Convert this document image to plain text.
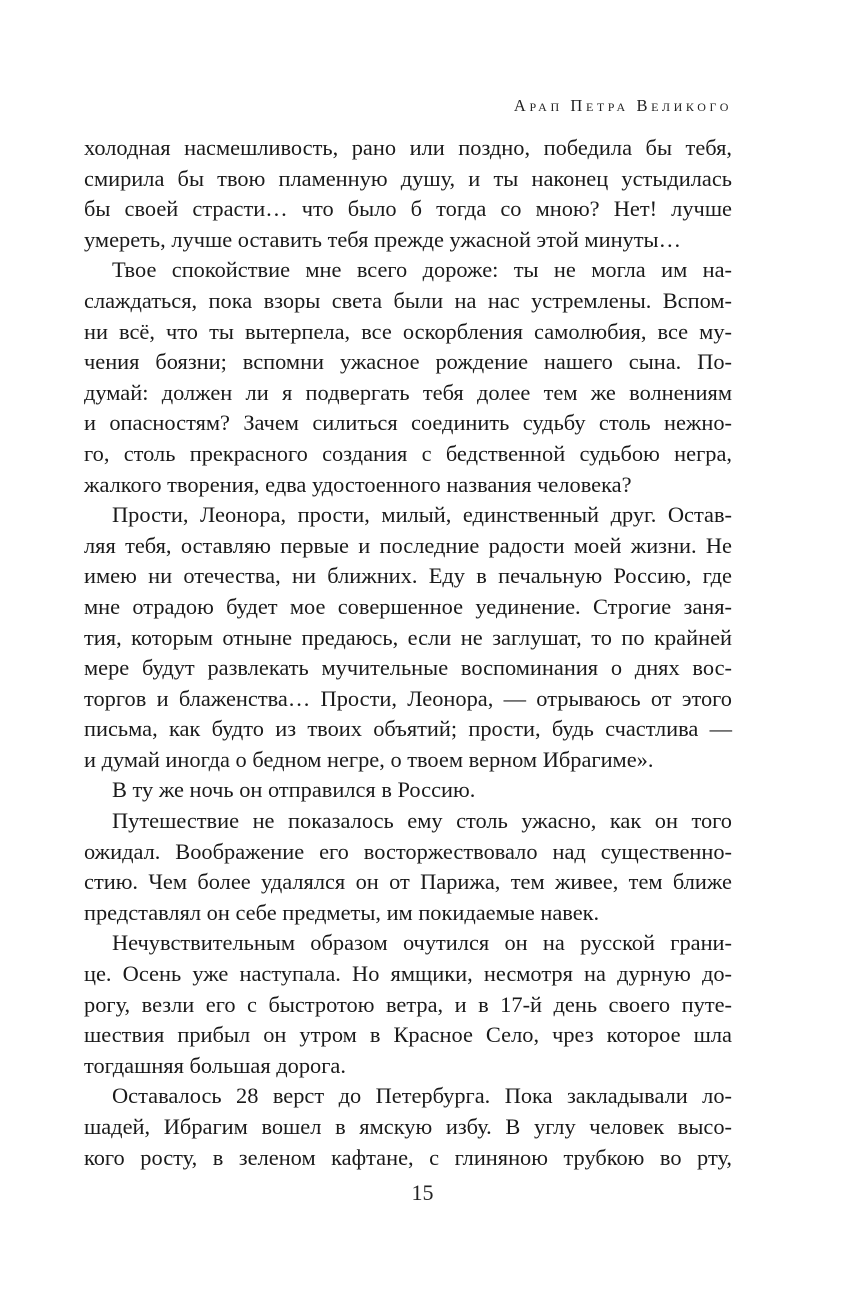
Арап Петра Великого
холодная насмешливость, рано или поздно, победила бы тебя,
смирила бы твою пламенную душу, и ты наконец устыдилась
бы своей страсти… что было б тогда со мною? Нет! лучше
умереть, лучше оставить тебя прежде ужасной этой минуты…
Твое спокойствие мне всего дороже: ты не могла им на-
слаждаться, пока взоры света были на нас устремлены. Вспом-
ни всё, что ты вытерпела, все оскорбления самолюбия, все му-
чения боязни; вспомни ужасное рождение нашего сына. По-
думай: должен ли я подвергать тебя долее тем же волнениям
и опасностям? Зачем силиться соединить судьбу столь нежно-
го, столь прекрасного создания с бедственной судьбою негра,
жалкого творения, едва удостоенного названия человека?
Прости, Леонора, прости, милый, единственный друг. Остав-
ляя тебя, оставляю первые и последние радости моей жизни. Не
имею ни отечества, ни ближних. Еду в печальную Россию, где
мне отрадою будет мое совершенное уединение. Строгие заня-
тия, которым отныне предаюсь, если не заглушат, то по крайней
мере будут развлекать мучительные воспоминания о днях вос-
торгов и блаженства… Прости, Леонора, — отрываюсь от этого
письма, как будто из твоих объятий; прости, будь счастлива —
и думай иногда о бедном негре, о твоем верном Ибрагиме».
В ту же ночь он отправился в Россию.
Путешествие не показалось ему столь ужасно, как он того
ожидал. Воображение его восторжествовало над существенно-
стию. Чем более удалялся он от Парижа, тем живее, тем ближе
представлял он себе предметы, им покидаемые навек.
Нечувствительным образом очутился он на русской грани-
це. Осень уже наступала. Но ямщики, несмотря на дурную до-
рогу, везли его с быстротою ветра, и в 17-й день своего путе-
шествия прибыл он утром в Красное Село, чрез которое шла
тогдашняя большая дорога.
Оставалось 28 верст до Петербурга. Пока закладывали ло-
шадей, Ибрагим вошел в ямскую избу. В углу человек высо-
кого росту, в зеленом кафтане, с глиняною трубкою во рту,
15
